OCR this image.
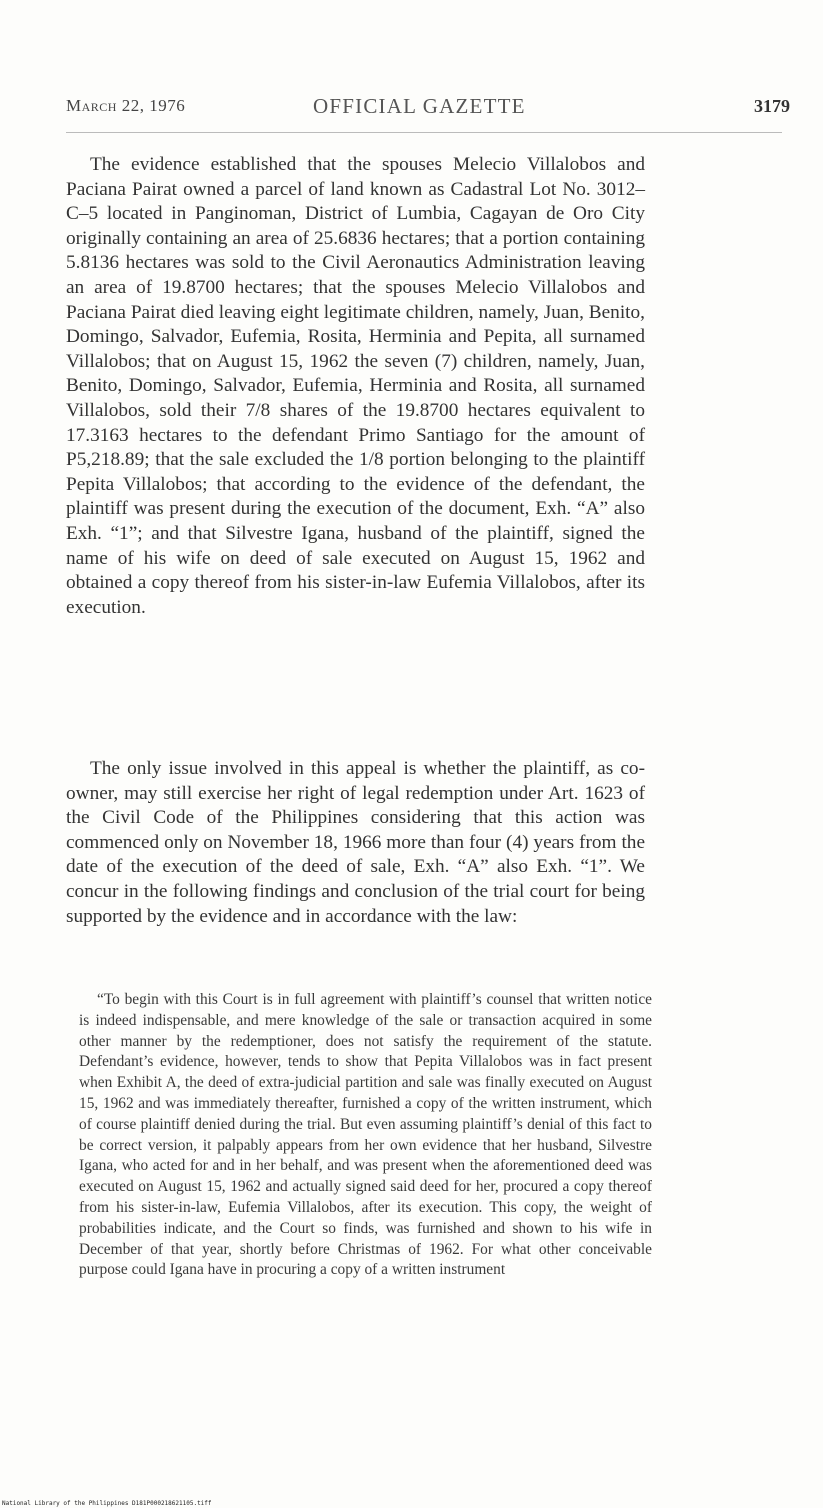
March 22, 1976	OFFICIAL GAZETTE	3179

The evidence established that the spouses Melecio Villalobos and Paciana Pairat owned a parcel of land known as Cadastral Lot No. 3012–C–5 located in Panginoman, District of Lumbia, Cagayan de Oro City originally containing an area of 25.6836 hectares; that a portion containing 5.8136 hectares was sold to the Civil Aeronautics Administration leaving an area of 19.8700 hectares; that the spouses Melecio Villalobos and Paciana Pairat died leaving eight legitimate children, namely, Juan, Benito, Domingo, Salvador, Eufemia, Rosita, Herminia and Pepita, all surnamed Villalobos; that on August 15, 1962 the seven (7) children, namely, Juan, Benito, Domingo, Salvador, Eufemia, Herminia and Rosita, all surnamed Villalobos, sold their 7/8 shares of the 19.8700 hectares equivalent to 17.3163 hectares to the defendant Primo Santiago for the amount of P5,218.89; that the sale excluded the 1/8 portion belonging to the plaintiff Pepita Villalobos; that according to the evidence of the defendant, the plaintiff was present during the execution of the document, Exh. “A” also Exh. “1”; and that Silvestre Igana, husband of the plaintiff, signed the name of his wife on deed of sale executed on August 15, 1962 and obtained a copy thereof from his sister-in-law Eufemia Villalobos, after its execution.

The only issue involved in this appeal is whether the plaintiff, as co-owner, may still exercise her right of legal redemption under Art. 1623 of the Civil Code of the Philippines considering that this action was commenced only on November 18, 1966 more than four (4) years from the date of the execution of the deed of sale, Exh. “A” also Exh. “1”. We concur in the following findings and conclusion of the trial court for being supported by the evidence and in accordance with the law:

“To begin with this Court is in full agreement with plaintiff’s counsel that written notice is indeed indispensable, and mere knowledge of the sale or transaction acquired in some other manner by the redemptioner, does not satisfy the requirement of the statute. Defendant’s evidence, however, tends to show that Pepita Villalobos was in fact present when Exhibit A, the deed of extra-judicial partition and sale was finally executed on August 15, 1962 and was immediately thereafter, furnished a copy of the written instrument, which of course plaintiff denied during the trial. But even assuming plaintiff’s denial of this fact to be correct version, it palpably appears from her own evidence that her husband, Silvestre Igana, who acted for and in her behalf, and was present when the aforementioned deed was executed on August 15, 1962 and actually signed said deed for her, procured a copy thereof from his sister-in-law, Eufemia Villalobos, after its execution. This copy, the weight of probabilities indicate, and the Court so finds, was furnished and shown to his wife in December of that year, shortly before Christmas of 1962. For what other conceivable purpose could Igana have in procuring a copy of a written instrument

National Library of the Philippines D181P000218621105.tiff
